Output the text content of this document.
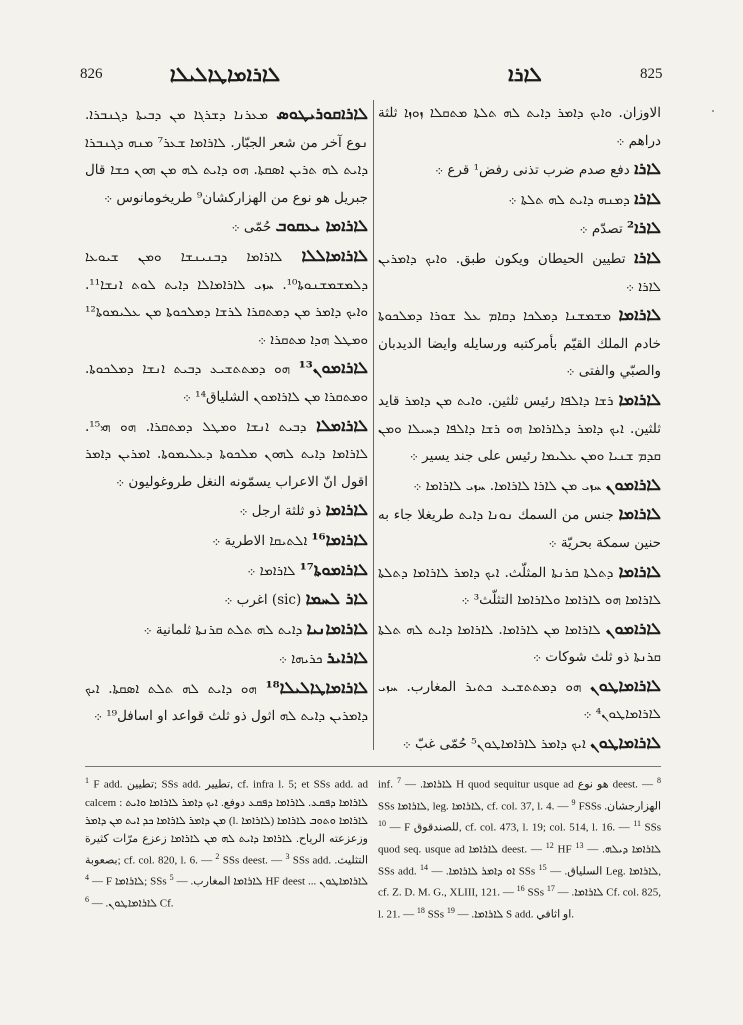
826	ܠܐܪܐܡܐܛܐܠܝܠܐ	ܠܐܪܐ	825

ܠܐܪܐܩܘܪܝܛܘܣ ܡܥܪܢܐ ܕܫܪܓܐ ܡܢ ܕܒܝܬܐ ܕܓܢܒܪܐ. ܢوع آخر من شعر الجبّار. ܠܐܪܐܡܐ ܫܥܪ⁷ ܡܢܗ ܕܓܢܒܪܐ ܕܐܝܬ ܠܗ ܬܪܝܢ ܐܣܩܬܐ. ܗܘ ܕܐܝܬ ܠܗ ܡܢ ܗܘܢ ܟܫܐ قال جبريل هو نوع من الهزاركشان⁹ طريخومانوس ܀

ܠܐܪܐܡܐ ܝܥܩܘܒ حُمّى ܀

ܠܐܪܐܡܐܠܠܐ ܠܐܪܐܡܐ ܕܒܢܝܢܫܐ ܘܡܢ ܫܝܘܥܐ ܕܠܡܫܡܫܢܘܬܐ¹⁰. ܚܙܝ ܠܐܪܐܡܐܠܐ ܕܐܝܬ ܠܘܬ ܐܢܫܐ¹¹. ܘܐܝܟ ܕܐܡܪ ܡܢ ܕܡܬܩܪܐ ܠܪܫܐ ܕܡܠܟܘܬܐ ܡܢ ܥܠܝܡܘܬܐ¹² ܘܡܛܠ ܗܕܐ ܡܬܩܪܐ ܀

ܠܐܪܐܡܘܢ¹³ ܗܘ ܕܡܬܬܫܝܥ ܕܒܝܬ ܐܢܫܐ ܕܡܠܟܘܬܐ. ܘܡܬܩܪܐ ܡܢ ܠܐܪܐܡܘܢ الشلياق¹⁴ ܀

ܠܐܪܐܡܠܐ ܕܒܝܬ ܐܢܫܐ ܘܡܛܠ ܕܡܬܩܪܐ. ܗܘ ܗܝ¹⁵. ܠܐܪܐܡܐ ܕܐܝܬ ܠܗܘܢ ܡܠܟܘܬܐ ܕܥܠܝܡܘܬܐ. ܐܡܪܝܢ ܕܐܡܪ اقول انّ الاعراب يسمّونه النغل طروغوليون ܀

ܠܐܪܐܡܐ ذو ثلثة ارجل ܀

ܠܐܪܐܡܐ¹⁶ ܐܠܬܝܩܐ الاطرية ܀

ܠܐܪܐܡܘܬܐ¹⁷ ܠܐܪܐܡܐ ܀

ܠܐܪ ܠܚܡܐ (sic) اغرب ܀

ܠܐܪܐܡܐܢܝܐ ܕܐܝܬ ܠܗ ܬܠܬ ܩܪܢܬܐ ثلمانية ܀

ܠܐܪܐܝܪ ܟܪܝܗܐ ܀

ܠܐܪܐܡܐܛܐܠܝܠܐ¹⁸ ܗܘ ܕܐܝܬ ܠܗ ܬܠܬ ܐܣܩܬܐ. ܐܝܟ ܕܐܡܪܝܢ ܕܐܝܬ ܠܗ اثول ذو ثلث قواعد او اسافل¹⁹ ܀

الاوزان. ܘܐܝܟ ܕܐܡܪ ܕܐܝܬ ܠܗ ܬܠܬܐ ܡܬܩܠܐ ܙܘܙܐ ثلثة دراهم ܀

ܠܐܪܐ دفع صدم ضرب تذنى رفض¹ قرع ܀

ܠܐܪܐ ܕܡܢܗ ܕܐܝܬ ܠܗ ܬܠܬܐ ܀

ܠܐܪܐ² تصدّم ܀

ܠܐܪܐ تطيين الحيطان ويكون طبق. ܘܐܝܟ ܕܐܡܪܝܢ ܠܐܪܐ ܀

ܠܐܪܐܡܐ ܡܫܡܫܢܐ ܕܡܠܟܐ ܕܩܐܡ ܥܠ ܫܘܪܐ ܕܡܠܟܘܬܐ خادم الملك القيّم بأمركتبه ورسايله وايضا الديدبان والصبّي والفتى ܀

ܠܐܪܐܡܐ ܪܫܐ ܕܐܠܦܐ رئيس ثلثين. ܘܐܝܬ ܡܢ ܕܐܡܪ قايد ثلثين. ܐܝܟ ܕܐܡܪ ܕܠܐܪܐܡܐ ܗܘ ܪܫܐ ܕܐܠܦܐ ܕܚܝܠܐ ܘܡܢ ܩܕܡ ܫܢܝܐ ܘܡܢ ܥܠܝܡܐ رئيس على جند يسير ܀

ܠܐܪܐܡܘܢ ܚܙܝ ܡܢ ܠܐܪܐ ܠܐܪܐܡܐ. ܚܙܝ ܠܐܪܐܡܐ ܀

ܠܐܪܐܡܐ جنس من السمك ܢܘܢܐ ܕܐܝܬ طريغلا جاء به حنين سمكة بحريّة ܀

ܠܐܪܐܡܐ ܕܬܠܬܐ ܩܪܢܬܐ المثلّث. ܐܝܟ ܕܐܡܪ ܠܐܪܐܡܐ ܕܬܠܬܐ ܠܐܪܐܡܐ ܗܘ ܠܐܪܐܡܐ ܘܠܐܪܐܡܐ التثلّث³ ܀

ܠܐܪܐܡܘܢ ܠܐܪܐܡܐ ܡܢ ܠܐܪܐܡܐ. ܠܐܪܐܡܐ ܕܐܝܬ ܠܗ ܬܠܬܐ ܩܪܢܬܐ ذو ثلث شوكات ܀

ܠܐܪܐܡܐܛܘܢ ܗܘ ܕܡܬܬܫܝܥ ܟܬܝܪ المغارب. ܚܙܝ ܠܐܪܐܡܐܛܘܢ⁴ ܀

ܠܐܪܐܡܐܛܘܢ ܐܝܟ ܕܐܡܪ ܠܐܪܐܡܐܛܘܢ⁵ حُمّى غبّ ܀

$^1$ F add. تطيين; SSs add. تطيير, cf. infra l. 5; et SSs add. ad calcem : ܠܐܪܐܡܐ ܕܦܩܥ. ܠܐܪܐܡܐ ܕܦܩܥ دوفع. ܐܝܟ ܕܐܡܪ ܠܐܪܐܡܐ ܘܐܝܬ ܡܢ ܕܐܡܪ ܠܐܪܐܡܐ ܟܕ ܐܝܬ ܡܢ ܕܐܡܪ (l. ܠܐܪܐܡܐ) ܠܐܪܐܡܐ ܘܬܘܒ ܠܐܪܐܡܐ وزعزعته الرياح. ܠܐܪܐܡܐ ܕܐܝܬ ܠܗ ܡܢ ܠܐܪܐܡܐ زعزع مرّات كثيرة بصعوبة; cf. col. 820, l. 6. — $^2$ SSs deest. — $^3$ SSs add. التثليث. — $^4$ F ܠܐܪܐܡܐ; SSs ܠܐܪܐܡܐ المغارب. — $^5$	HF deest ܠܐܪܐܡܐܛܘܢ ... ܠܐܪܐܡܐܛܘܢ. — $^6$	Cf.

inf. ܠܐܪܐܡܐ. — $^7$	H quod sequitur usque ad هو نوع deest. — $^8$ SSs ܠܐܪܐܡܐ, leg. ܠܐܪܐܡܐ, cf. col. 37, l. 4. — $^9$ FSSs الهزارجشان. — $^{10}$ F للصندقوق, cf. col. 473, l. 19; col. 514, l. 16. — $^{11}$ SSs quod seq. usque ad ܠܐܪܐܡܐ deest. — $^{12}$ HF ܠܐܪܐܡܐ ܕܝܠܗ. — $^{13}$ SSs add. ܐܘ ܕܐܡܪ ܠܐܪܐܡܐ. — $^{14}$	SSs السلياق. — $^{15}$	Leg. ܠܐܪܐܡܐ, cf. Z. D. M. G., XLIII, 121. — $^{16}$ SSs ܠܐܪܐܡܐ. — $^{17}$	Cf. col. 825, l. 21. — $^{18}$ SSs ܠܐܪܐܡܐ. — $^{19}$	S add. او اثافي.
